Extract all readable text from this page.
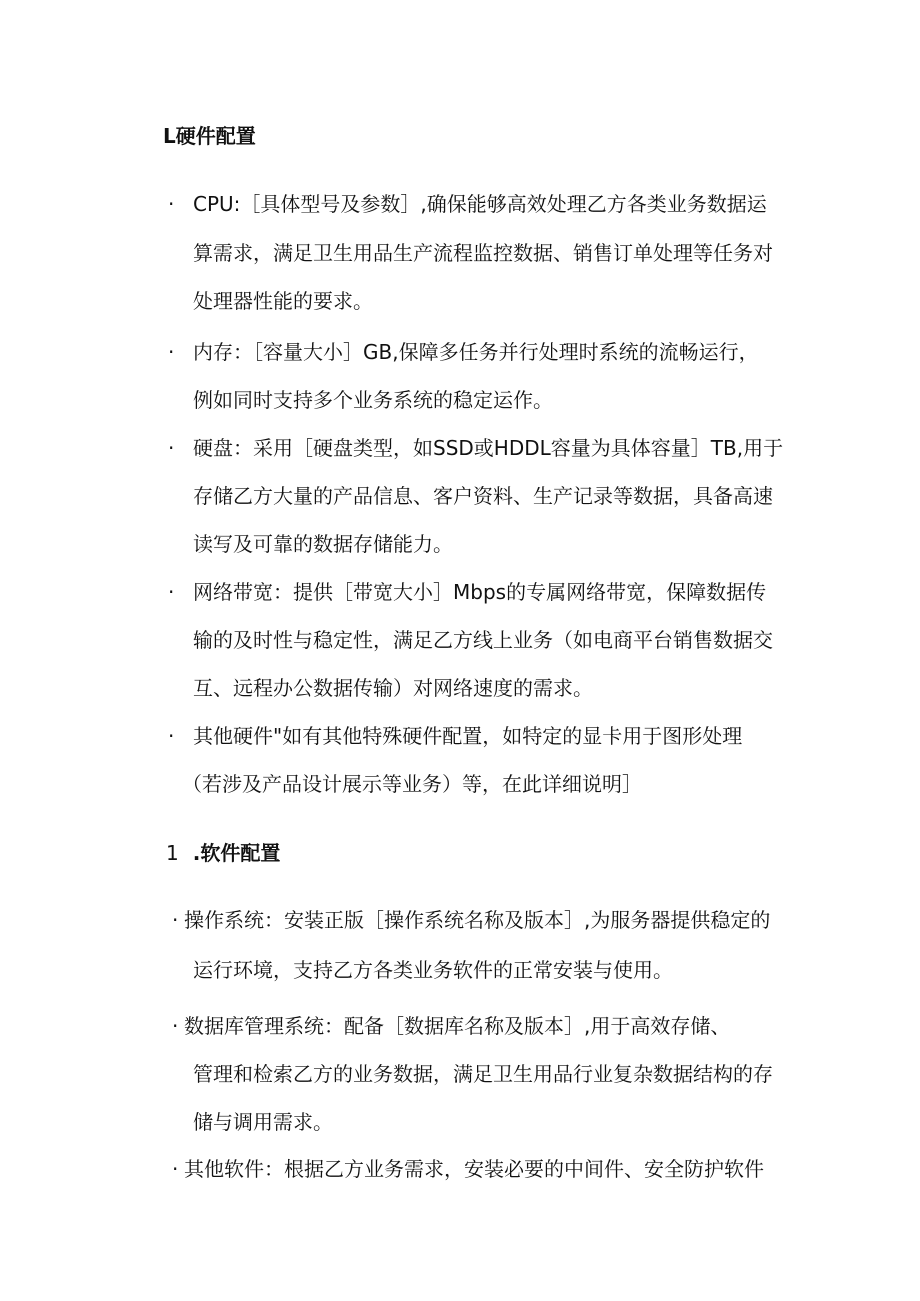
L硬件配置
· CPU:［具体型号及参数］,确保能够高效处理乙方各类业务数据运
算需求，满足卫生用品生产流程监控数据、销售订单处理等任务对
处理器性能的要求。
· 内存：［容量大小］GB,保障多任务并行处理时系统的流畅运行，
例如同时支持多个业务系统的稳定运作。
· 硬盘：采用［硬盘类型，如SSD或HDDL容量为具体容量］TB,用于
存储乙方大量的产品信息、客户资料、生产记录等数据，具备高速
读写及可靠的数据存储能力。
· 网络带宽：提供［带宽大小］Mbps的专属网络带宽，保障数据传
输的及时性与稳定性，满足乙方线上业务（如电商平台销售数据交
互、远程办公数据传输）对网络速度的需求。
· 其他硬件"如有其他特殊硬件配置，如特定的显卡用于图形处理
（若涉及产品设计展示等业务）等，在此详细说明］
1 .软件配置
· 操作系统：安装正版［操作系统名称及版本］,为服务器提供稳定的
运行环境，支持乙方各类业务软件的正常安装与使用。
· 数据库管理系统：配备［数据库名称及版本］,用于高效存储、
管理和检索乙方的业务数据，满足卫生用品行业复杂数据结构的存
储与调用需求。
· 其他软件：根据乙方业务需求，安装必要的中间件、安全防护软件
